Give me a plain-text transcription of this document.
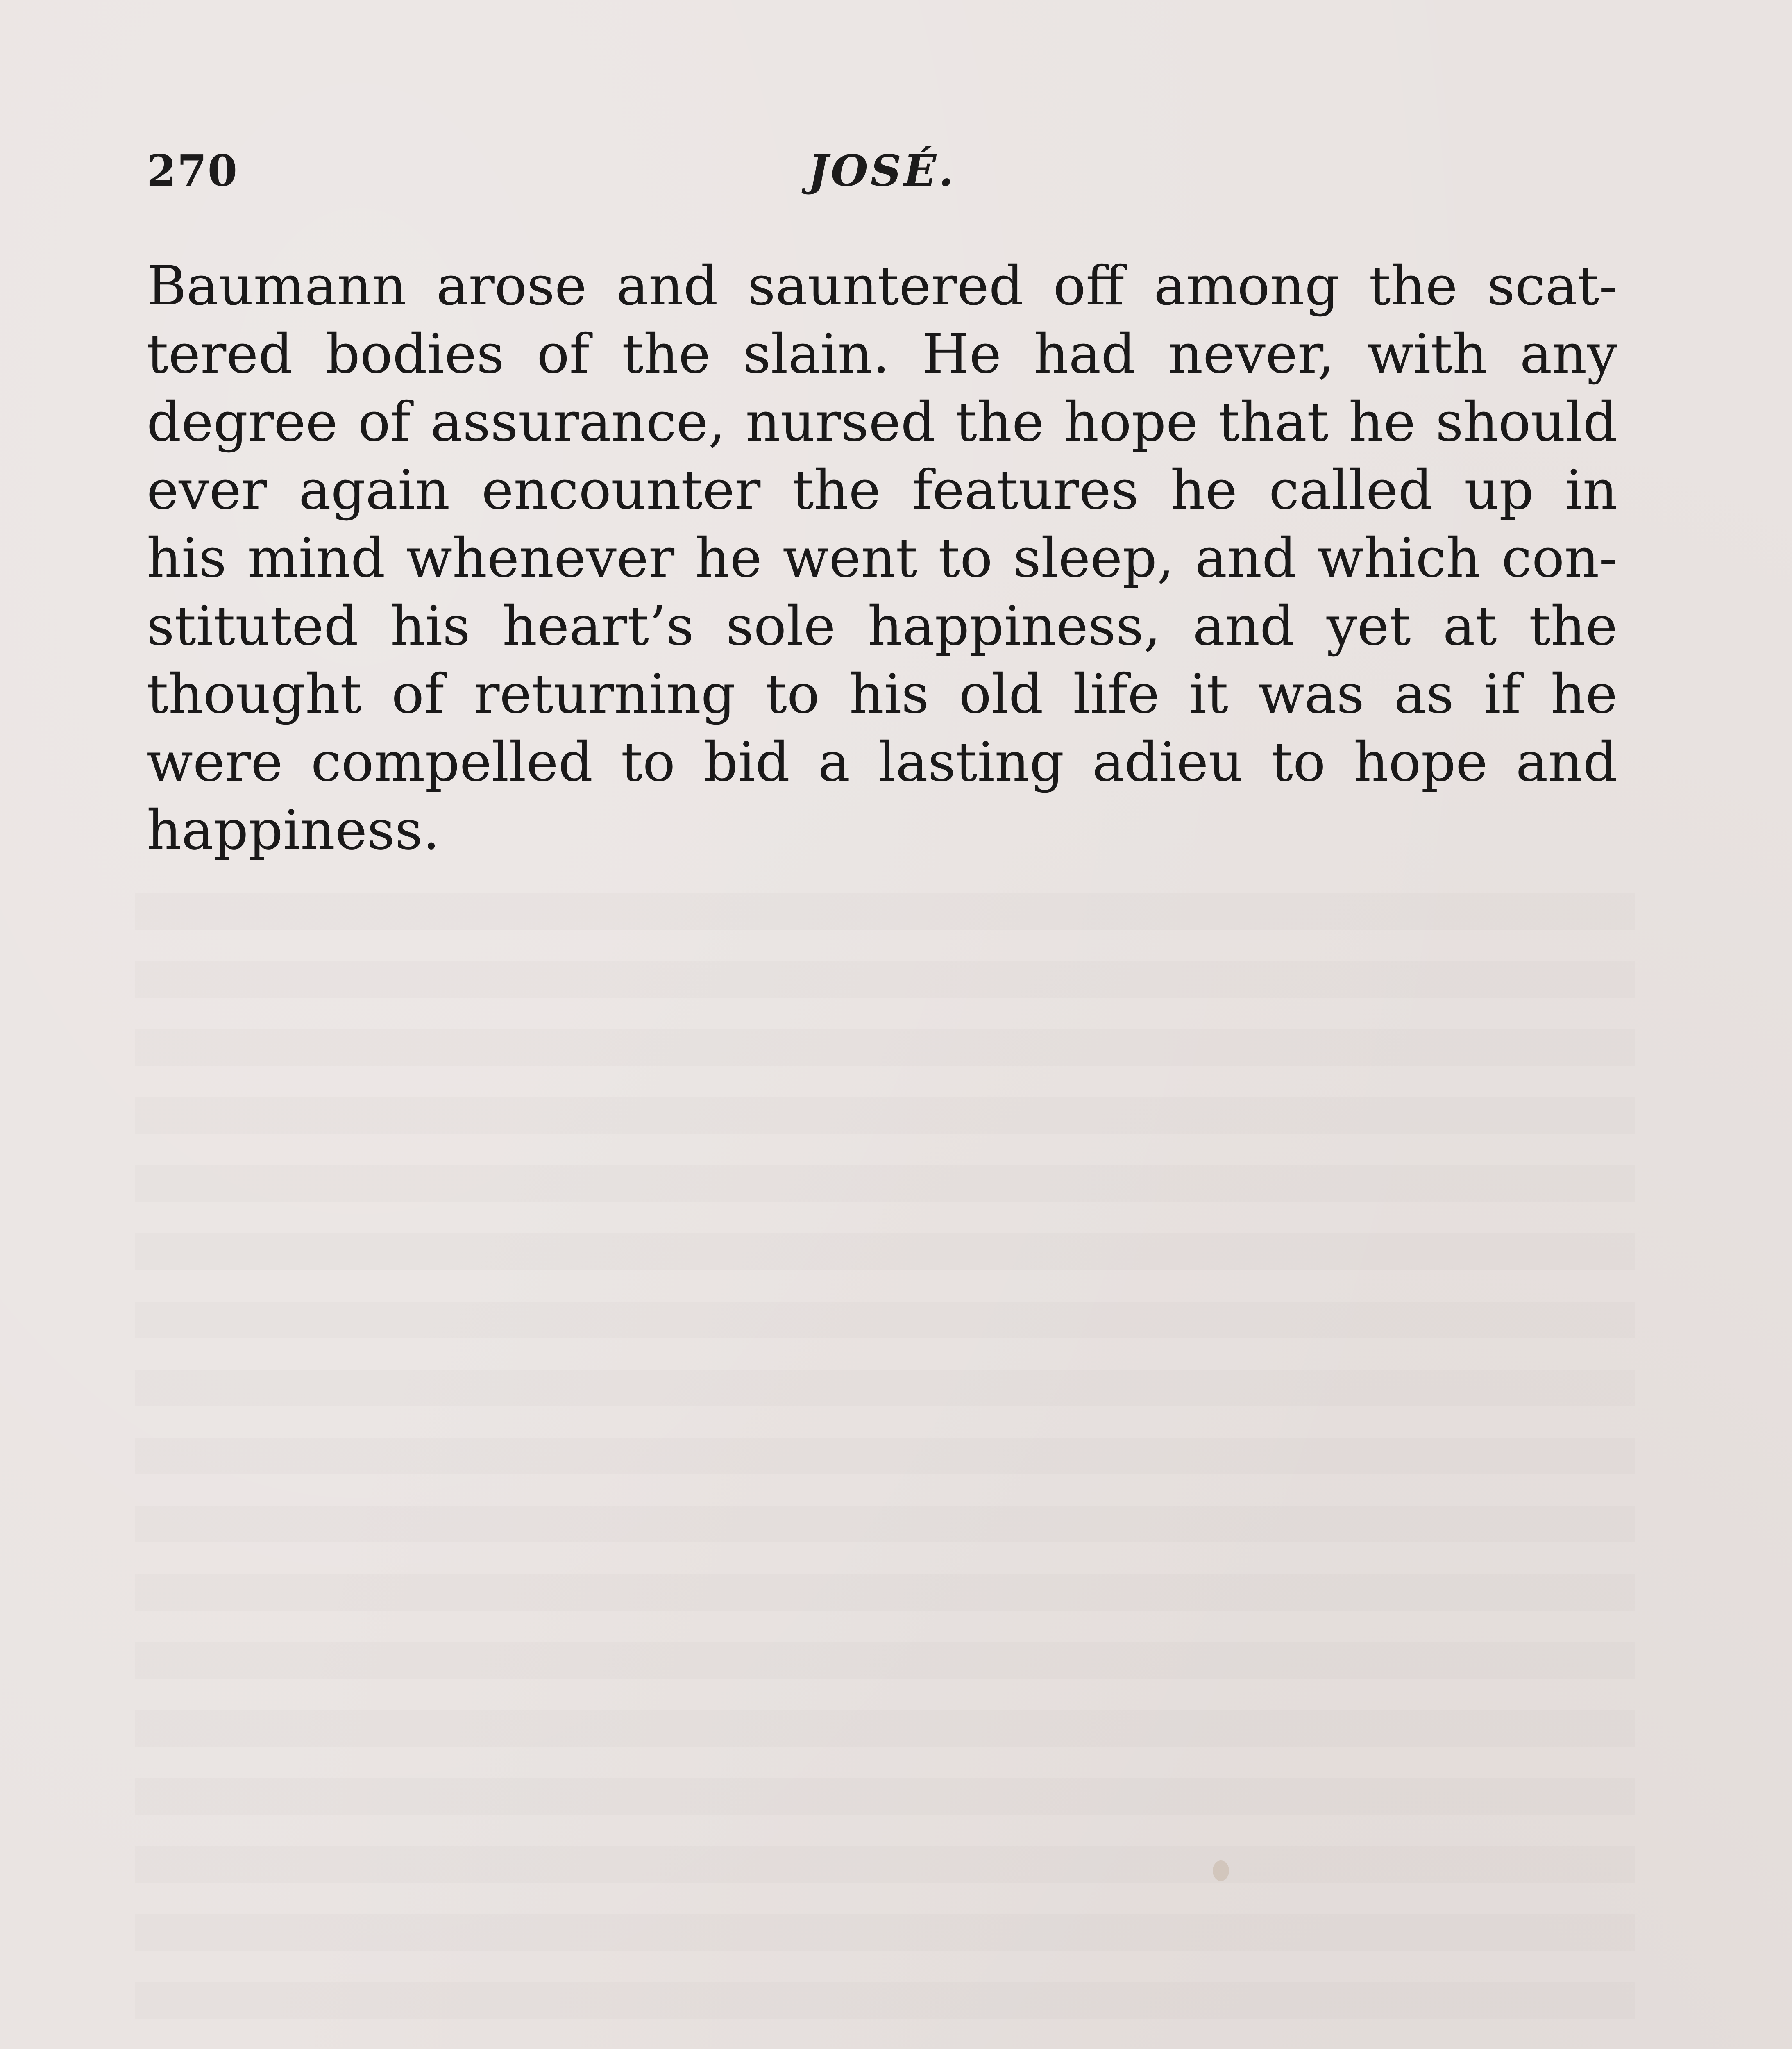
270	JOSÉ.
Baumann arose and sauntered off among the scat-
tered bodies of the slain. He had never, with any
degree of assurance, nursed the hope that he should
ever again encounter the features he called up in
his mind whenever he went to sleep, and which con-
stituted his heart’s sole happiness, and yet at the
thought of returning to his old life it was as if he
were compelled to bid a lasting adieu to hope and
happiness.
